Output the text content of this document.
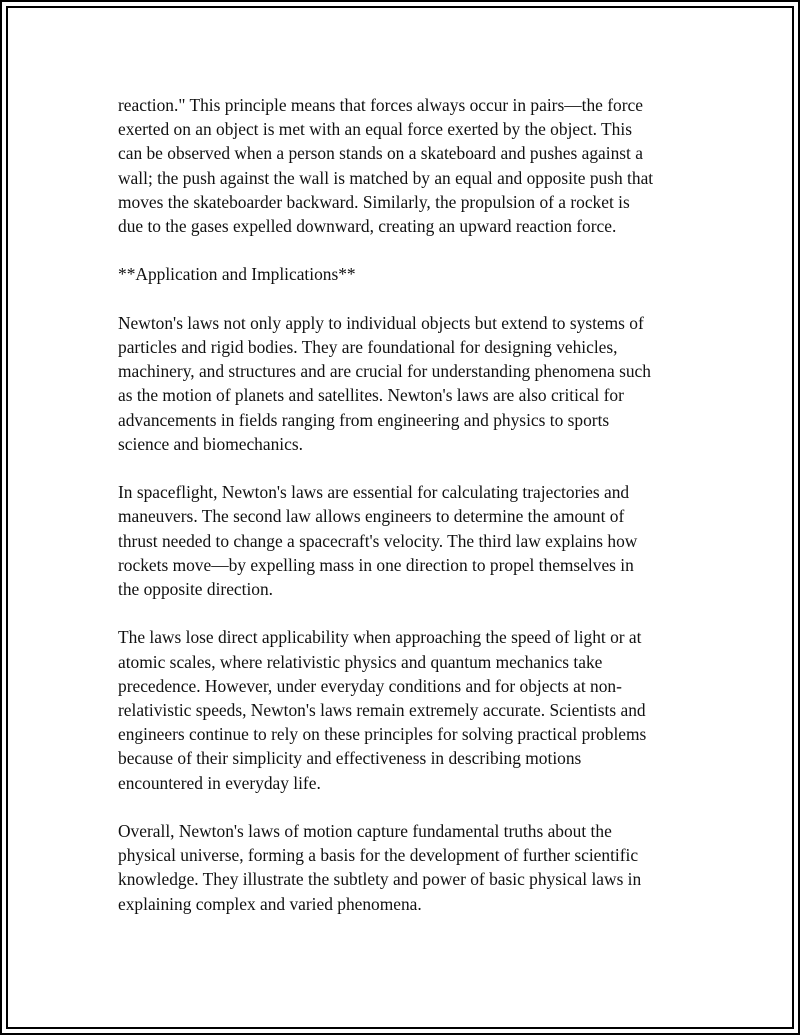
reaction." This principle means that forces always occur in pairs—the force
exerted on an object is met with an equal force exerted by the object. This
can be observed when a person stands on a skateboard and pushes against a
wall; the push against the wall is matched by an equal and opposite push that
moves the skateboarder backward. Similarly, the propulsion of a rocket is
due to the gases expelled downward, creating an upward reaction force.

**Application and Implications**

Newton's laws not only apply to individual objects but extend to systems of
particles and rigid bodies. They are foundational for designing vehicles,
machinery, and structures and are crucial for understanding phenomena such
as the motion of planets and satellites. Newton's laws are also critical for
advancements in fields ranging from engineering and physics to sports
science and biomechanics.

In spaceflight, Newton's laws are essential for calculating trajectories and
maneuvers. The second law allows engineers to determine the amount of
thrust needed to change a spacecraft's velocity. The third law explains how
rockets move—by expelling mass in one direction to propel themselves in
the opposite direction.

The laws lose direct applicability when approaching the speed of light or at
atomic scales, where relativistic physics and quantum mechanics take
precedence. However, under everyday conditions and for objects at non-
relativistic speeds, Newton's laws remain extremely accurate. Scientists and
engineers continue to rely on these principles for solving practical problems
because of their simplicity and effectiveness in describing motions
encountered in everyday life.

Overall, Newton's laws of motion capture fundamental truths about the
physical universe, forming a basis for the development of further scientific
knowledge. They illustrate the subtlety and power of basic physical laws in
explaining complex and varied phenomena.
